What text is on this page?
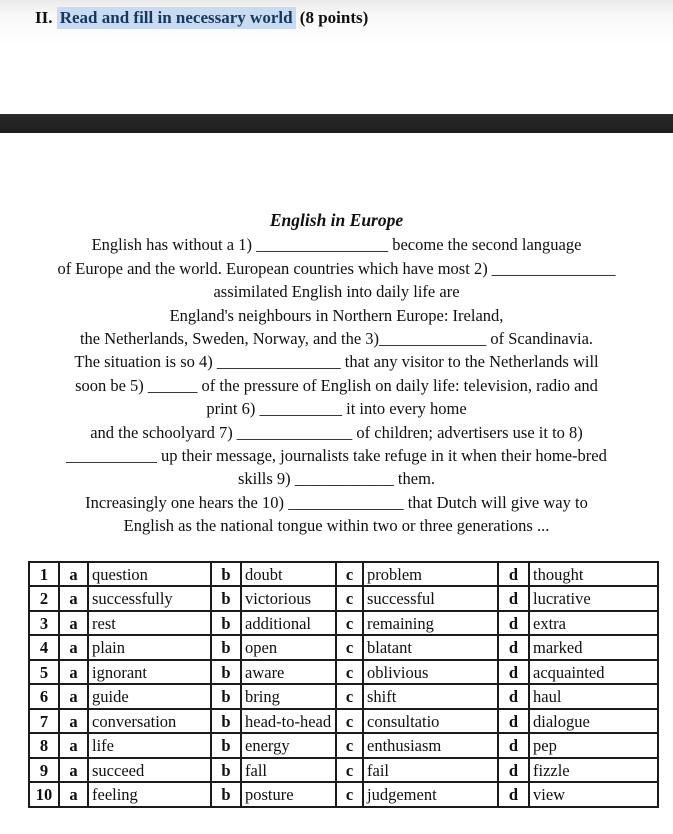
II. Read and fill in necessary world (8 points)
English in Europe
English has without a 1) ________________ become the second language
of Europe and the world. European countries which have most 2) _______________
assimilated English into daily life are
England's neighbours in Northern Europe: Ireland,
the Netherlands, Sweden, Norway, and the 3)_____________ of Scandinavia.
The situation is so 4) _______________ that any visitor to the Netherlands will
soon be 5) ______ of the pressure of English on daily life: television, radio and
print 6) __________ it into every home
and the schoolyard 7) ______________ of children; advertisers use it to 8)
___________ up their message, journalists take refuge in it when their home-bred
skills 9) ____________ them.
Increasingly one hears the 10) ______________ that Dutch will give way to
English as the national tongue within two or three generations ...
1	a	question	b	doubt	c	problem	d	thought
2	a	successfully	b	victorious	c	successful	d	lucrative
3	a	rest	b	additional	c	remaining	d	extra
4	a	plain	b	open	c	blatant	d	marked
5	a	ignorant	b	aware	c	oblivious	d	acquainted
6	a	guide	b	bring	c	shift	d	haul
7	a	conversation	b	head-to-head	c	consultatio	d	dialogue
8	a	life	b	energy	c	enthusiasm	d	pep
9	a	succeed	b	fall	c	fail	d	fizzle
10	a	feeling	b	posture	c	judgement	d	view
